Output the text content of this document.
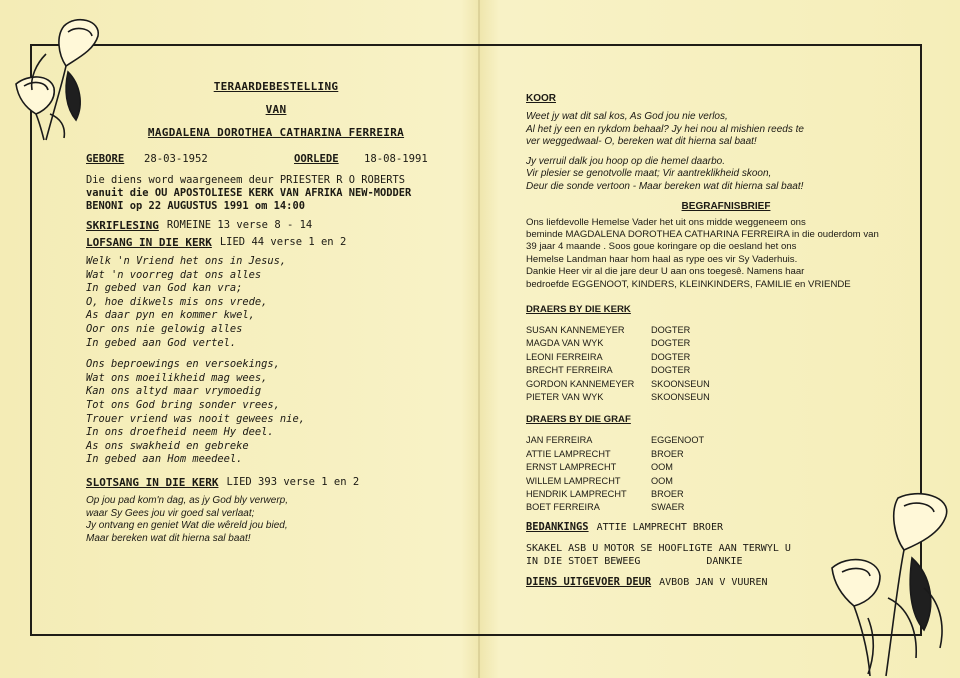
TERAARDEBESTELLING
VAN
MAGDALENA DOROTHEA CATHARINA FERREIRA
GEBORE	28-03-1952	OORLEDE	18-08-1991
Die diens word waargeneem deur PRIESTER R O ROBERTS
vanuit die OU APOSTOLIESE KERK VAN AFRIKA NEW-MODDER
BENONI op 22 AUGUSTUS 1991 om 14:00
SKRIFLESING ROMEINE 13 verse 8 - 14
LOFSANG IN DIE KERK LIED 44 verse 1 en 2
Welk 'n Vriend het ons in Jesus,
Wat 'n voorreg dat ons alles
In gebed van God kan vra;
O, hoe dikwels mis ons vrede,
As daar pyn en kommer kwel,
Oor ons nie gelowig alles
In gebed aan God vertel.
Ons beproewings en versoekings,
Wat ons moeilikheid mag wees,
Kan ons altyd maar vrymoedig
Tot ons God bring sonder vrees,
Trouer vriend was nooit gewees nie,
In ons droefheid neem Hy deel.
As ons swakheid en gebreke
In gebed aan Hom meedeel.
SLOTSANG IN DIE KERK LIED 393 verse 1 en 2
Op jou pad kom'n dag, as jy God bly verwerp,
waar Sy Gees jou vir goed sal verlaat;
Jy ontvang en geniet Wat die wêreld jou bied,
Maar bereken wat dit hierna sal baat!
KOOR
Weet jy wat dit sal kos, As God jou nie verlos,
Al het jy een en rykdom behaal? Jy hei nou al mishien reeds te
ver weggedwaal- O, bereken wat dit hierna sal baat!
Jy verruil dalk jou hoop op die hemel daarbo.
Vir plesier se genotvolle maat; Vir aantreklikheid skoon,
Deur die sonde vertoon - Maar bereken wat dit hierna sal baat!
BEGRAFNISBRIEF
Ons liefdevolle Hemelse Vader het uit ons midde weggeneem ons
beminde MAGDALENA DOROTHEA CATHARINA FERREIRA in die ouderdom van
39 jaar 4 maande . Soos goue koringare op die oesland het ons
Hemelse Landman haar hom haal as rype oes vir Sy Vaderhuis.
Dankie Heer vir al die jare deur U aan ons toegesê. Namens haar
bedroefde EGGENOOT, KINDERS, KLEINKINDERS, FAMILIE en VRIENDE
DRAERS BY DIE KERK
SUSAN KANNEMEYER	DOGTER
MAGDA VAN WYK	DOGTER
LEONI FERREIRA	DOGTER
BRECHT FERREIRA	DOGTER
GORDON KANNEMEYER	SKOONSEUN
PIETER VAN WYK	SKOONSEUN
DRAERS BY DIE GRAF
JAN FERREIRA	EGGENOOT
ATTIE LAMPRECHT	BROER
ERNST LAMPRECHT	OOM
WILLEM LAMPRECHT	OOM
HENDRIK LAMPRECHT	BROER
BOET FERREIRA	SWAER
BEDANKINGS ATTIE LAMPRECHT BROER
SKAKEL ASB U MOTOR SE HOOFLIGTE AAN TERWYL U
IN DIE STOET BEWEEG	DANKIE
DIENS UITGEVOER DEUR AVBOB JAN V VUUREN
